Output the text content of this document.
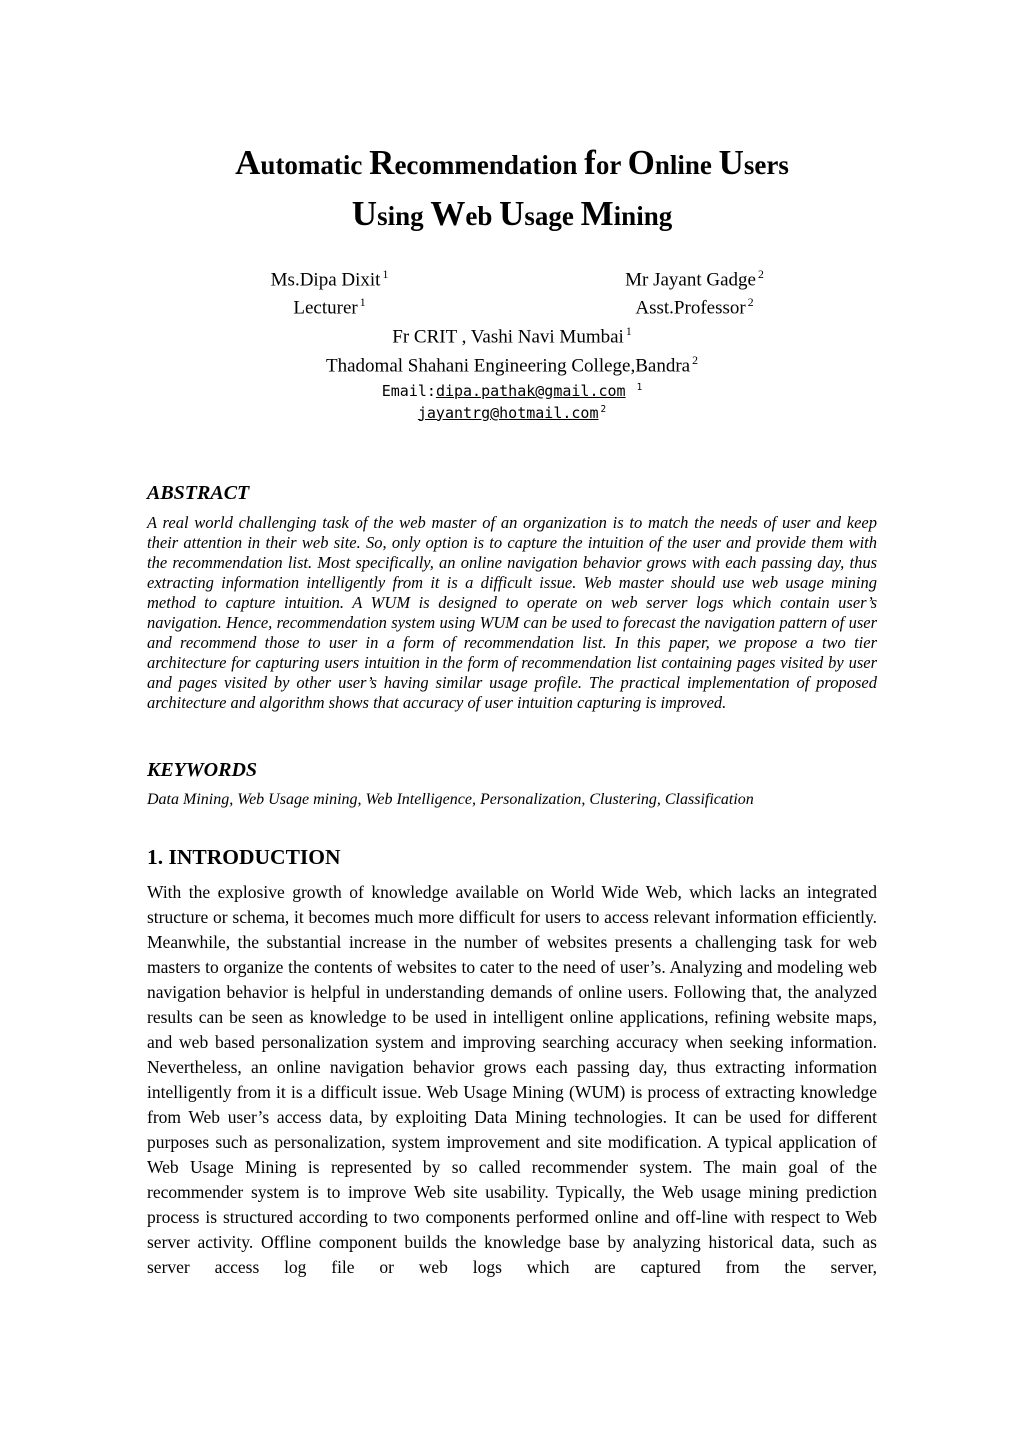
Automatic Recommendation for Online Users
Using Web Usage Mining
Ms.Dipa Dixit $^1$	Mr Jayant Gadge $^2$
Lecturer $^1$	Asst.Professor $^2$
Fr CRIT , Vashi Navi Mumbai $^1$
Thadomal Shahani Engineering College,Bandra $^2$
Email:dipa.pathak@gmail.com $^1$
jayantrg@hotmail.com $^2$
ABSTRACT

A real world challenging task of the web master of an organization is to match the needs of user and keep their attention in their web site. So, only option is to capture the intuition of the user and provide them with the recommendation list. Most specifically, an online navigation behavior grows with each passing day, thus extracting information intelligently from it is a difficult issue. Web master should use web usage mining method to capture intuition. A WUM is designed to operate on web server logs which contain user’s navigation. Hence, recommendation system using WUM can be used to forecast the navigation pattern of user and recommend those to user in a form of recommendation list. In this paper, we propose a two tier architecture for capturing users intuition in the form of recommendation list containing pages visited by user and pages visited by other user’s having similar usage profile. The practical implementation of proposed architecture and algorithm shows that accuracy of user intuition capturing is improved.

KEYWORDS

Data Mining, Web Usage mining, Web Intelligence, Personalization, Clustering, Classification

1. INTRODUCTION

With the explosive growth of knowledge available on World Wide Web, which lacks an integrated structure or schema, it becomes much more difficult for users to access relevant information efficiently. Meanwhile, the substantial increase in the number of websites presents a challenging task for web masters to organize the contents of websites to cater to the need of user’s. Analyzing and modeling web navigation behavior is helpful in understanding demands of online users. Following that, the analyzed results can be seen as knowledge to be used in intelligent online applications, refining website maps, and web based personalization system and improving searching accuracy when seeking information. Nevertheless, an online navigation behavior grows each passing day, thus extracting information intelligently from it is a difficult issue. Web Usage Mining (WUM) is process of extracting knowledge from Web user’s access data, by exploiting Data Mining technologies. It can be used for different purposes such as personalization, system improvement and site modification. A typical application of Web Usage Mining is represented by so called recommender system. The main goal of the recommender system is to improve Web site usability. Typically, the Web usage mining prediction process is structured according to two components performed online and off-line with respect to Web server activity. Offline component builds the knowledge base by analyzing historical data, such as server access log file or web logs which are captured from the server,
